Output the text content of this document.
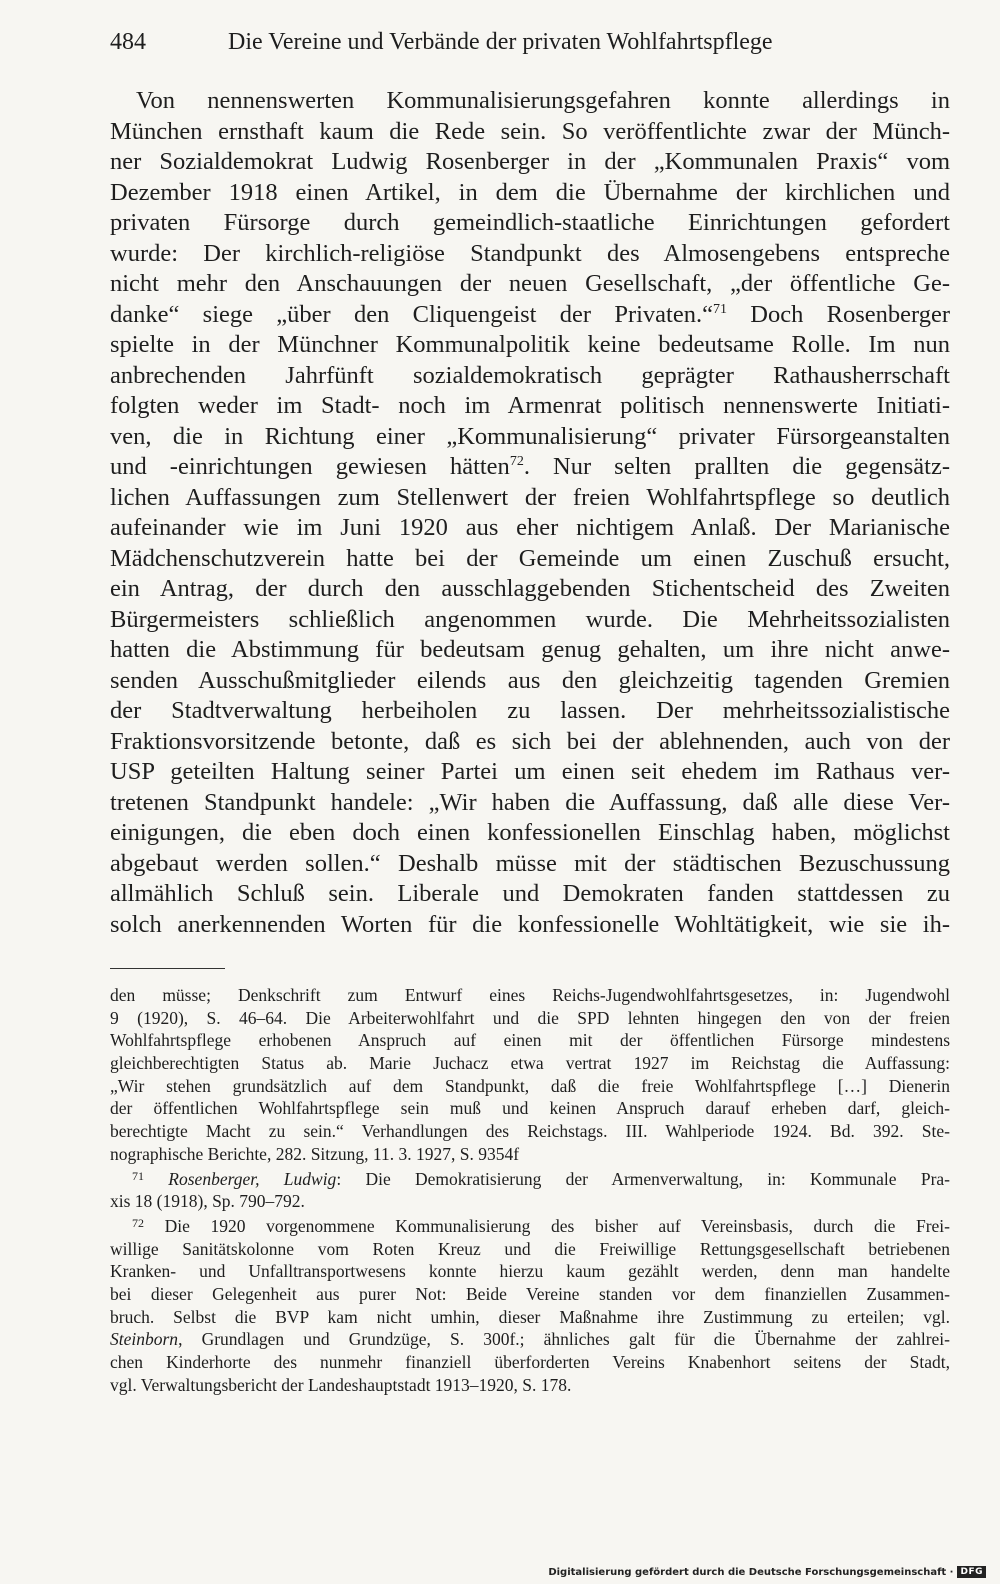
484	Die Vereine und Verbände der privaten Wohlfahrtspflege
Von nennenswerten Kommunalisierungsgefahren konnte allerdings in
München ernsthaft kaum die Rede sein. So veröffentlichte zwar der Münch-
ner Sozialdemokrat Ludwig Rosenberger in der „Kommunalen Praxis“ vom
Dezember 1918 einen Artikel, in dem die Übernahme der kirchlichen und
privaten Fürsorge durch gemeindlich-staatliche Einrichtungen gefordert
wurde: Der kirchlich-religiöse Standpunkt des Almosengebens entspreche
nicht mehr den Anschauungen der neuen Gesellschaft, „der öffentliche Ge-
danke“ siege „über den Cliquengeist der Privaten.“$^{71}$ Doch Rosenberger
spielte in der Münchner Kommunalpolitik keine bedeutsame Rolle. Im nun
anbrechenden Jahrfünft sozialdemokratisch geprägter Rathausherrschaft
folgten weder im Stadt- noch im Armenrat politisch nennenswerte Initiati-
ven, die in Richtung einer „Kommunalisierung“ privater Fürsorgeanstalten
und -einrichtungen gewiesen hätten$^{72}$. Nur selten prallten die gegensätz-
lichen Auffassungen zum Stellenwert der freien Wohlfahrtspflege so deutlich
aufeinander wie im Juni 1920 aus eher nichtigem Anlaß. Der Marianische
Mädchenschutzverein hatte bei der Gemeinde um einen Zuschuß ersucht,
ein Antrag, der durch den ausschlaggebenden Stichentscheid des Zweiten
Bürgermeisters schließlich angenommen wurde. Die Mehrheitssozialisten
hatten die Abstimmung für bedeutsam genug gehalten, um ihre nicht anwe-
senden Ausschußmitglieder eilends aus den gleichzeitig tagenden Gremien
der Stadtverwaltung herbeiholen zu lassen. Der mehrheitssozialistische
Fraktionsvorsitzende betonte, daß es sich bei der ablehnenden, auch von der
USP geteilten Haltung seiner Partei um einen seit ehedem im Rathaus ver-
tretenen Standpunkt handele: „Wir haben die Auffassung, daß alle diese Ver-
einigungen, die eben doch einen konfessionellen Einschlag haben, möglichst
abgebaut werden sollen.“ Deshalb müsse mit der städtischen Bezuschussung
allmählich Schluß sein. Liberale und Demokraten fanden stattdessen zu
solch anerkennenden Worten für die konfessionelle Wohltätigkeit, wie sie ih-
den müsse; Denkschrift zum Entwurf eines Reichs-Jugendwohlfahrtsgesetzes, in: Jugendwohl
9 (1920), S. 46–64. Die Arbeiterwohlfahrt und die SPD lehnten hingegen den von der freien
Wohlfahrtspflege erhobenen Anspruch auf einen mit der öffentlichen Fürsorge mindestens
gleichberechtigten Status ab. Marie Juchacz etwa vertrat 1927 im Reichstag die Auffassung:
„Wir stehen grundsätzlich auf dem Standpunkt, daß die freie Wohlfahrtspflege […] Dienerin
der öffentlichen Wohlfahrtspflege sein muß und keinen Anspruch darauf erheben darf, gleich-
berechtigte Macht zu sein.“ Verhandlungen des Reichstags. III. Wahlperiode 1924. Bd. 392. Ste-
nographische Berichte, 282. Sitzung, 11. 3. 1927, S. 9354f
$^{71}$ Rosenberger, Ludwig: Die Demokratisierung der Armenverwaltung, in: Kommunale Pra-
xis 18 (1918), Sp. 790–792.
$^{72}$ Die 1920 vorgenommene Kommunalisierung des bisher auf Vereinsbasis, durch die Frei-
willige Sanitätskolonne vom Roten Kreuz und die Freiwillige Rettungsgesellschaft betriebenen
Kranken- und Unfalltransportwesens konnte hierzu kaum gezählt werden, denn man handelte
bei dieser Gelegenheit aus purer Not: Beide Vereine standen vor dem finanziellen Zusammen-
bruch. Selbst die BVP kam nicht umhin, dieser Maßnahme ihre Zustimmung zu erteilen; vgl.
Steinborn, Grundlagen und Grundzüge, S. 300f.; ähnliches galt für die Übernahme der zahlrei-
chen Kinderhorte des nunmehr finanziell überforderten Vereins Knabenhort seitens der Stadt,
vgl. Verwaltungsbericht der Landeshauptstadt 1913–1920, S. 178.
Digitalisierung gefördert durch die Deutsche Forschungsgemeinschaft · DFG
